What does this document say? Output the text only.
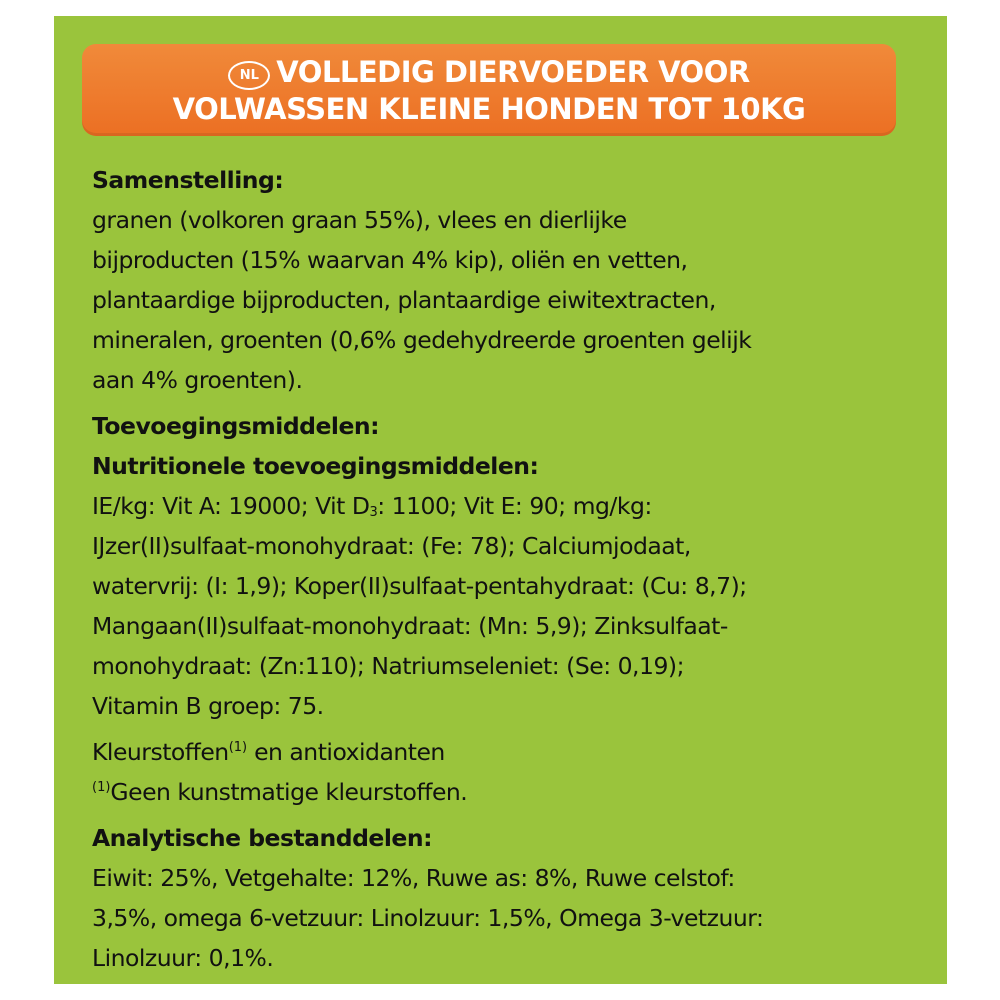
NL VOLLEDIG DIERVOEDER VOOR
VOLWASSEN KLEINE HONDEN TOT 10KG

Samenstelling:

granen (volkoren graan 55%), vlees en dierlijke

bijproducten (15% waarvan 4% kip), oliën en vetten,

plantaardige bijproducten, plantaardige eiwitextracten,

mineralen, groenten (0,6% gedehydreerde groenten gelijk

aan 4% groenten).

Toevoegingsmiddelen:

Nutritionele toevoegingsmiddelen:

IE/kg: Vit A: 19000; Vit $D_3$: 1100; Vit E: 90; mg/kg:

IJzer(II)sulfaat-monohydraat: (Fe: 78); Calciumjodaat,

watervrij: (I: 1,9); Koper(II)sulfaat-pentahydraat: (Cu: 8,7);

Mangaan(II)sulfaat-monohydraat: (Mn: 5,9); Zinksulfaat-

monohydraat: (Zn:110); Natriumseleniet: (Se: 0,19);

Vitamin B groep: 75.

Kleurstoffen$^{(1)}$ en antioxidanten

$^{(1)}$Geen kunstmatige kleurstoffen.

Analytische bestanddelen:

Eiwit: 25%, Vetgehalte: 12%, Ruwe as: 8%, Ruwe celstof:

3,5%, omega 6-vetzuur: Linolzuur: 1,5%, Omega 3-vetzuur:

Linolzuur: 0,1%.
